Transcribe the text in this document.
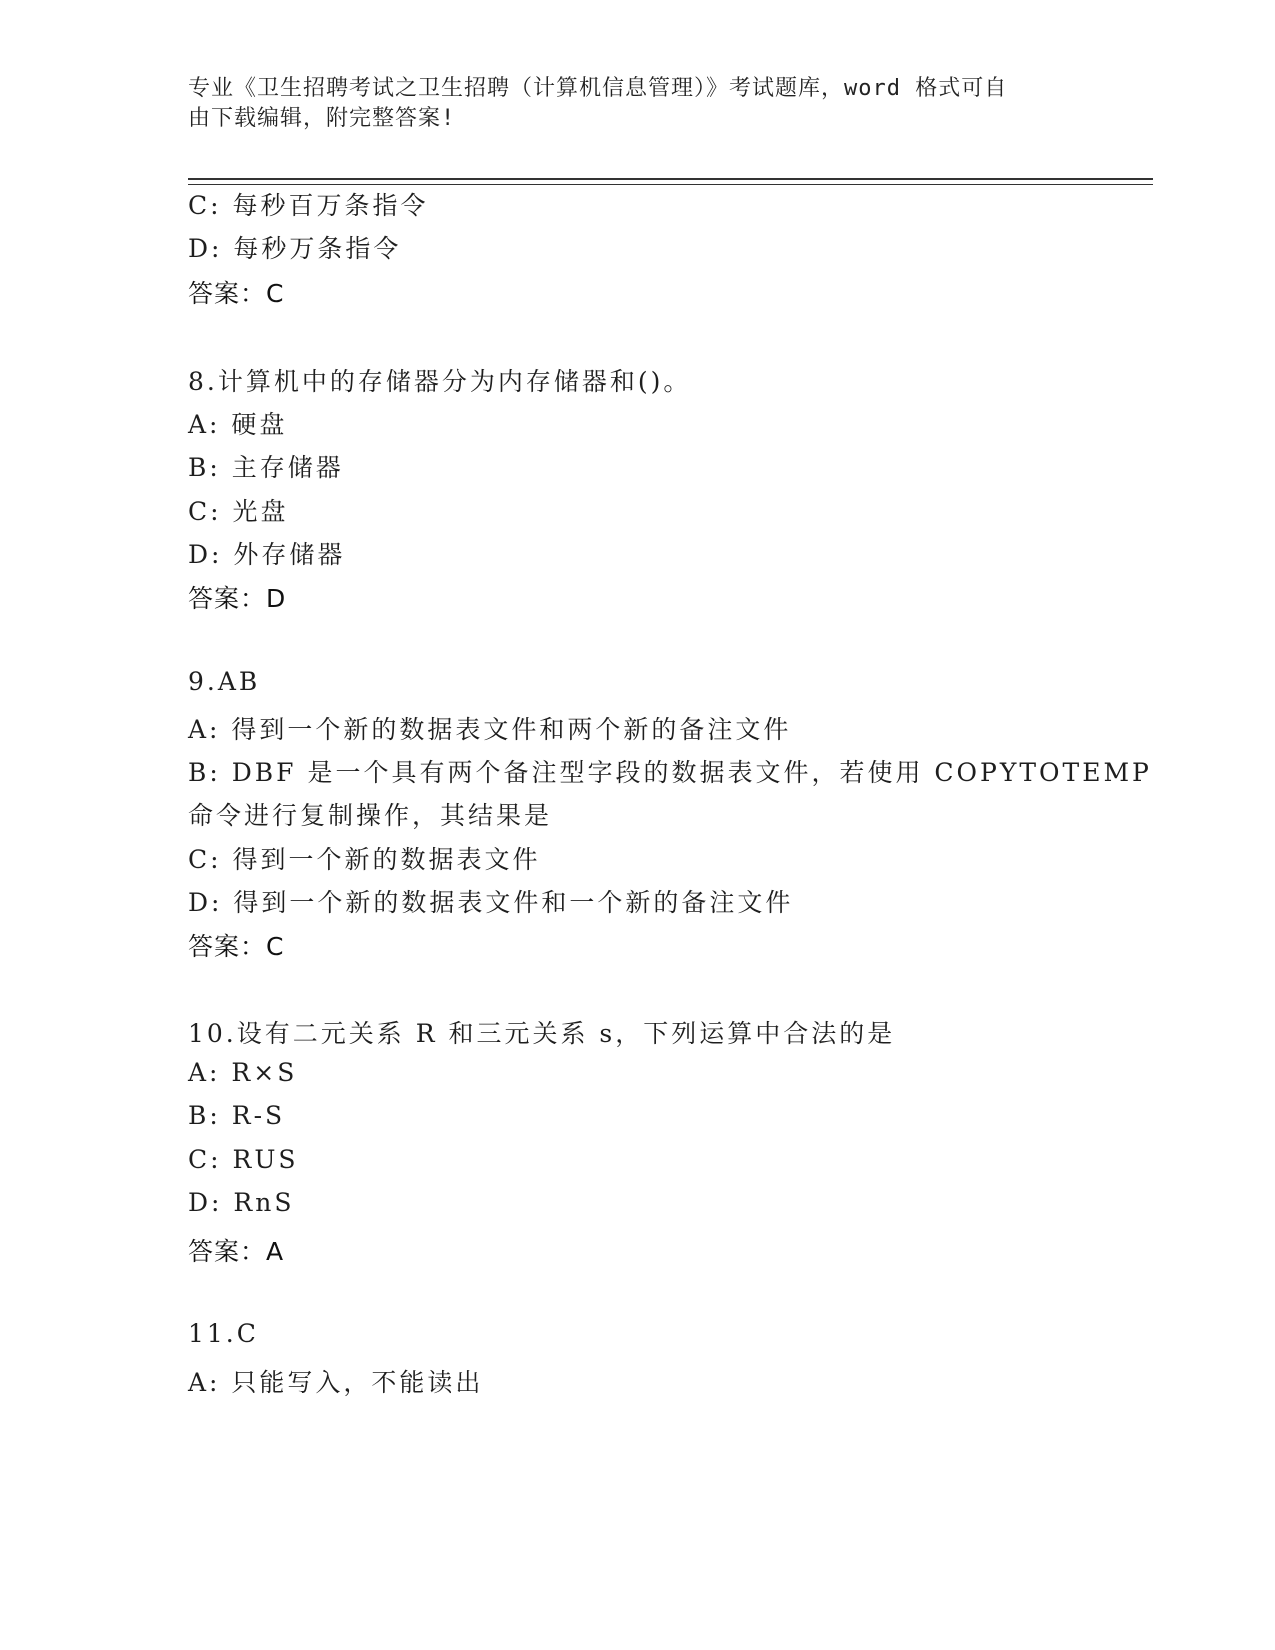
专业《卫生招聘考试之卫生招聘（计算机信息管理）》考试题库，word 格式可自
由下载编辑，附完整答案!
C: 每秒百万条指令
D: 每秒万条指令
答案：C
8.计算机中的存储器分为内存储器和()。
A: 硬盘
B: 主存储器
C: 光盘
D: 外存储器
答案：D
9.AB
A: 得到一个新的数据表文件和两个新的备注文件
B: DBF 是一个具有两个备注型字段的数据表文件，若使用 COPYTOTEMP
命令进行复制操作，其结果是
C: 得到一个新的数据表文件
D: 得到一个新的数据表文件和一个新的备注文件
答案：C
10.设有二元关系 R 和三元关系 s，下列运算中合法的是
A: R×S
B: R-S
C: RUS
D: RnS
答案：A
11.C
A: 只能写入，不能读出
